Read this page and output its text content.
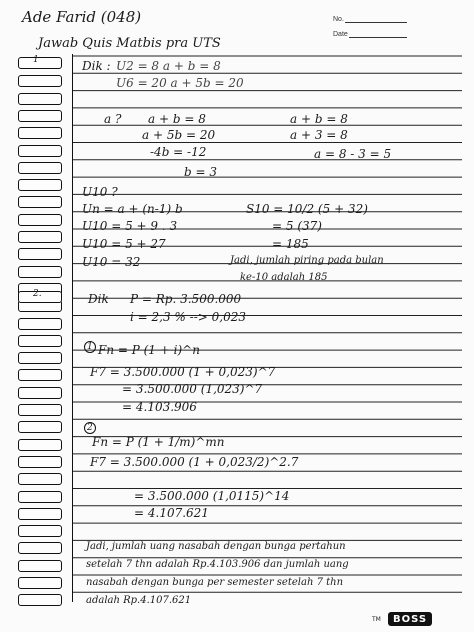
Ade Farid (048)	No.
Date
Jawab Quis Matbis pra UTS
1	Dik : U2 = 8 a + b = 8
U6 = 20 a + 5b = 20
a ? a + b = 8
a + 5b = 20
-4b = -12
b = 3
a + b = 8
a + 3 = 8
a = 8 - 3 = 5
U10 ?
Un = a + (n-1) b
U10 = 5 + 9 . 3
U10 = 5 + 27
U10 = 32
S10 = 10/2 (5 + 32)
= 5 (37)
= 185
Jadi, jumlah piring pada bulan
ke-10 adalah 185
2.	Dik P = Rp. 3.500.000
i = 2,3 % --> 0,023
1 Fn = P (1 + i)^n
F7 = 3.500.000 (1 + 0,023)^7
= 3.500.000 (1,023)^7
= 4.103.906
2
Fn = P (1 + 1/m)^mn
F7 = 3.500.000 (1 + 0,023/2)^2.7
= 3.500.000 (1,0115)^14
= 4.107.621
Jadi, jumlah uang nasabah dengan bunga pertahun
setelah 7 thn adalah Rp.4.103.906 dan jumlah uang
nasabah dengan bunga per semester setelah 7 thn
adalah Rp.4.107.621
TM	BOSS
